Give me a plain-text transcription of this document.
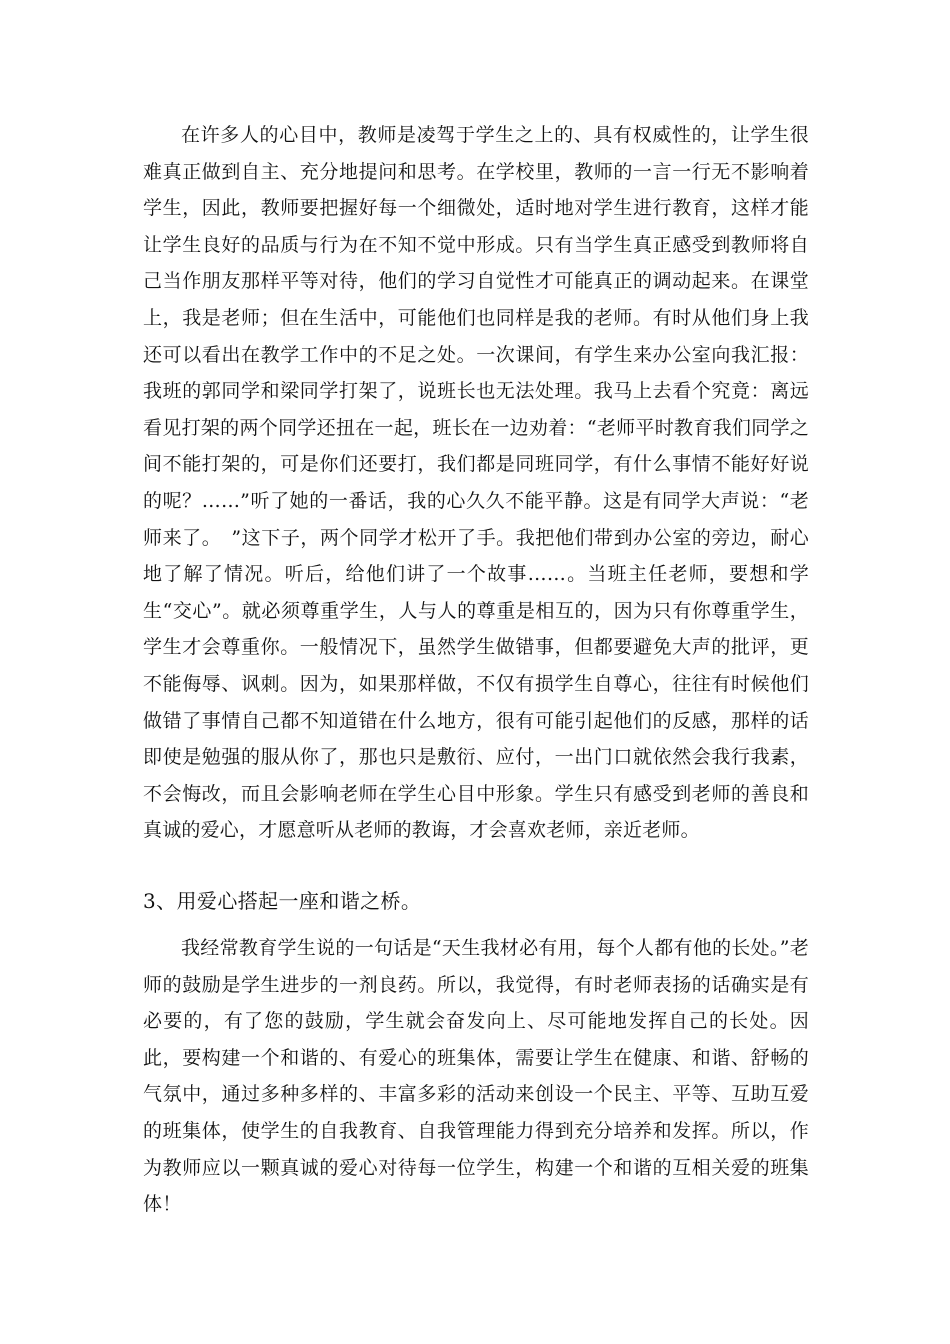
在许多人的心目中，教师是凌驾于学生之上的、具有权威性的，让学生很难真正做到自主、充分地提问和思考。在学校里，教师的一言一行无不影响着学生，因此，教师要把握好每一个细微处，适时地对学生进行教育，这样才能让学生良好的品质与行为在不知不觉中形成。只有当学生真正感受到教师将自己当作朋友那样平等对待，他们的学习自觉性才可能真正的调动起来。在课堂上，我是老师；但在生活中，可能他们也同样是我的老师。有时从他们身上我还可以看出在教学工作中的不足之处。一次课间，有学生来办公室向我汇报：我班的郭同学和梁同学打架了，说班长也无法处理。我马上去看个究竟：离远看见打架的两个同学还扭在一起，班长在一边劝着：“老师平时教育我们同学之间不能打架的，可是你们还要打，我们都是同班同学，有什么事情不能好好说的呢？……”听了她的一番话，我的心久久不能平静。这是有同学大声说：“老师来了。　”这下子，两个同学才松开了手。我把他们带到办公室的旁边，耐心地了解了情况。听后，给他们讲了一个故事……。当班主任老师，要想和学生“交心”。就必须尊重学生，人与人的尊重是相互的，因为只有你尊重学生，学生才会尊重你。一般情况下，虽然学生做错事，但都要避免大声的批评，更不能侮辱、讽刺。因为，如果那样做，不仅有损学生自尊心，往往有时候他们做错了事情自己都不知道错在什么地方，很有可能引起他们的反感，那样的话即使是勉强的服从你了，那也只是敷衍、应付，一出门口就依然会我行我素，不会悔改，而且会影响老师在学生心目中形象。学生只有感受到老师的善良和真诚的爱心，才愿意听从老师的教诲，才会喜欢老师，亲近老师。

3、用爱心搭起一座和谐之桥。

我经常教育学生说的一句话是“天生我材必有用，每个人都有他的长处。”老师的鼓励是学生进步的一剂良药。所以，我觉得，有时老师表扬的话确实是有必要的，有了您的鼓励，学生就会奋发向上、尽可能地发挥自己的长处。因此，要构建一个和谐的、有爱心的班集体，需要让学生在健康、和谐、舒畅的气氛中，通过多种多样的、丰富多彩的活动来创设一个民主、平等、互助互爱的班集体，使学生的自我教育、自我管理能力得到充分培养和发挥。所以，作为教师应以一颗真诚的爱心对待每一位学生，构建一个和谐的互相关爱的班集体！
